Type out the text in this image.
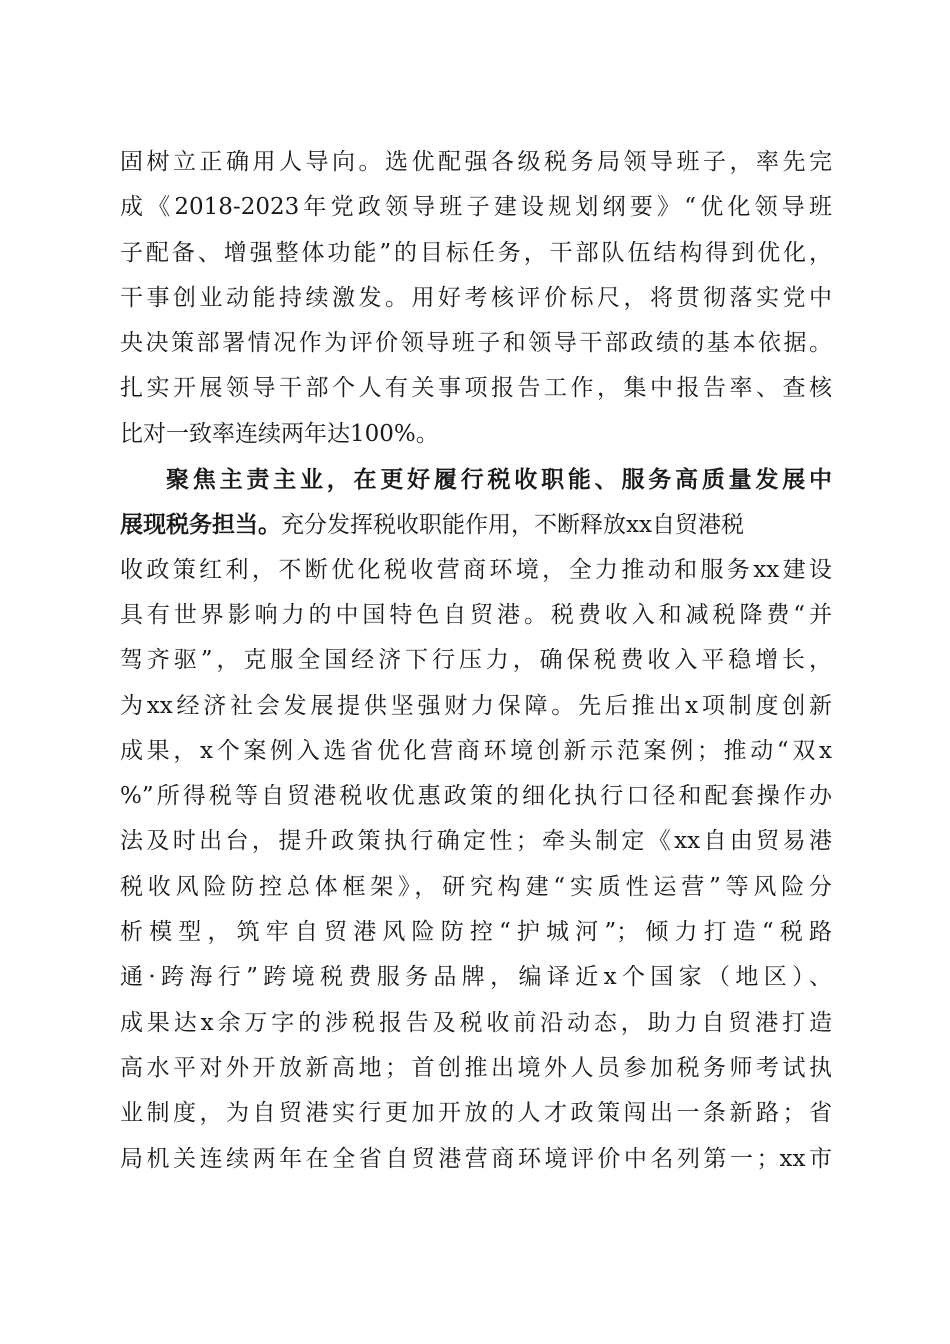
固树立正确用人导向。选优配强各级税务局领导班子，率先完
成《2018-2023年党政领导班子建设规划纲要》“优化领导班
子配备、增强整体功能”的目标任务，干部队伍结构得到优化，
干事创业动能持续激发。用好考核评价标尺，将贯彻落实党中
央决策部署情况作为评价领导班子和领导干部政绩的基本依据。
扎实开展领导干部个人有关事项报告工作，集中报告率、查核
比对一致率连续两年达100%。
聚焦主责主业，在更好履行税收职能、服务高质量发展中
展现税务担当。充分发挥税收职能作用，不断释放xx自贸港税
收政策红利，不断优化税收营商环境，全力推动和服务xx建设
具有世界影响力的中国特色自贸港。税费收入和减税降费“并
驾齐驱”，克服全国经济下行压力，确保税费收入平稳增长，
为xx经济社会发展提供坚强财力保障。先后推出x项制度创新
成果，x个案例入选省优化营商环境创新示范案例；推动“双x
%”所得税等自贸港税收优惠政策的细化执行口径和配套操作办
法及时出台，提升政策执行确定性；牵头制定《xx自由贸易港
税收风险防控总体框架》，研究构建“实质性运营”等风险分
析模型，筑牢自贸港风险防控“护城河”；倾力打造“税路
通·跨海行”跨境税费服务品牌，编译近x个国家（地区）、
成果达x余万字的涉税报告及税收前沿动态，助力自贸港打造
高水平对外开放新高地；首创推出境外人员参加税务师考试执
业制度，为自贸港实行更加开放的人才政策闯出一条新路；省
局机关连续两年在全省自贸港营商环境评价中名列第一；xx市
